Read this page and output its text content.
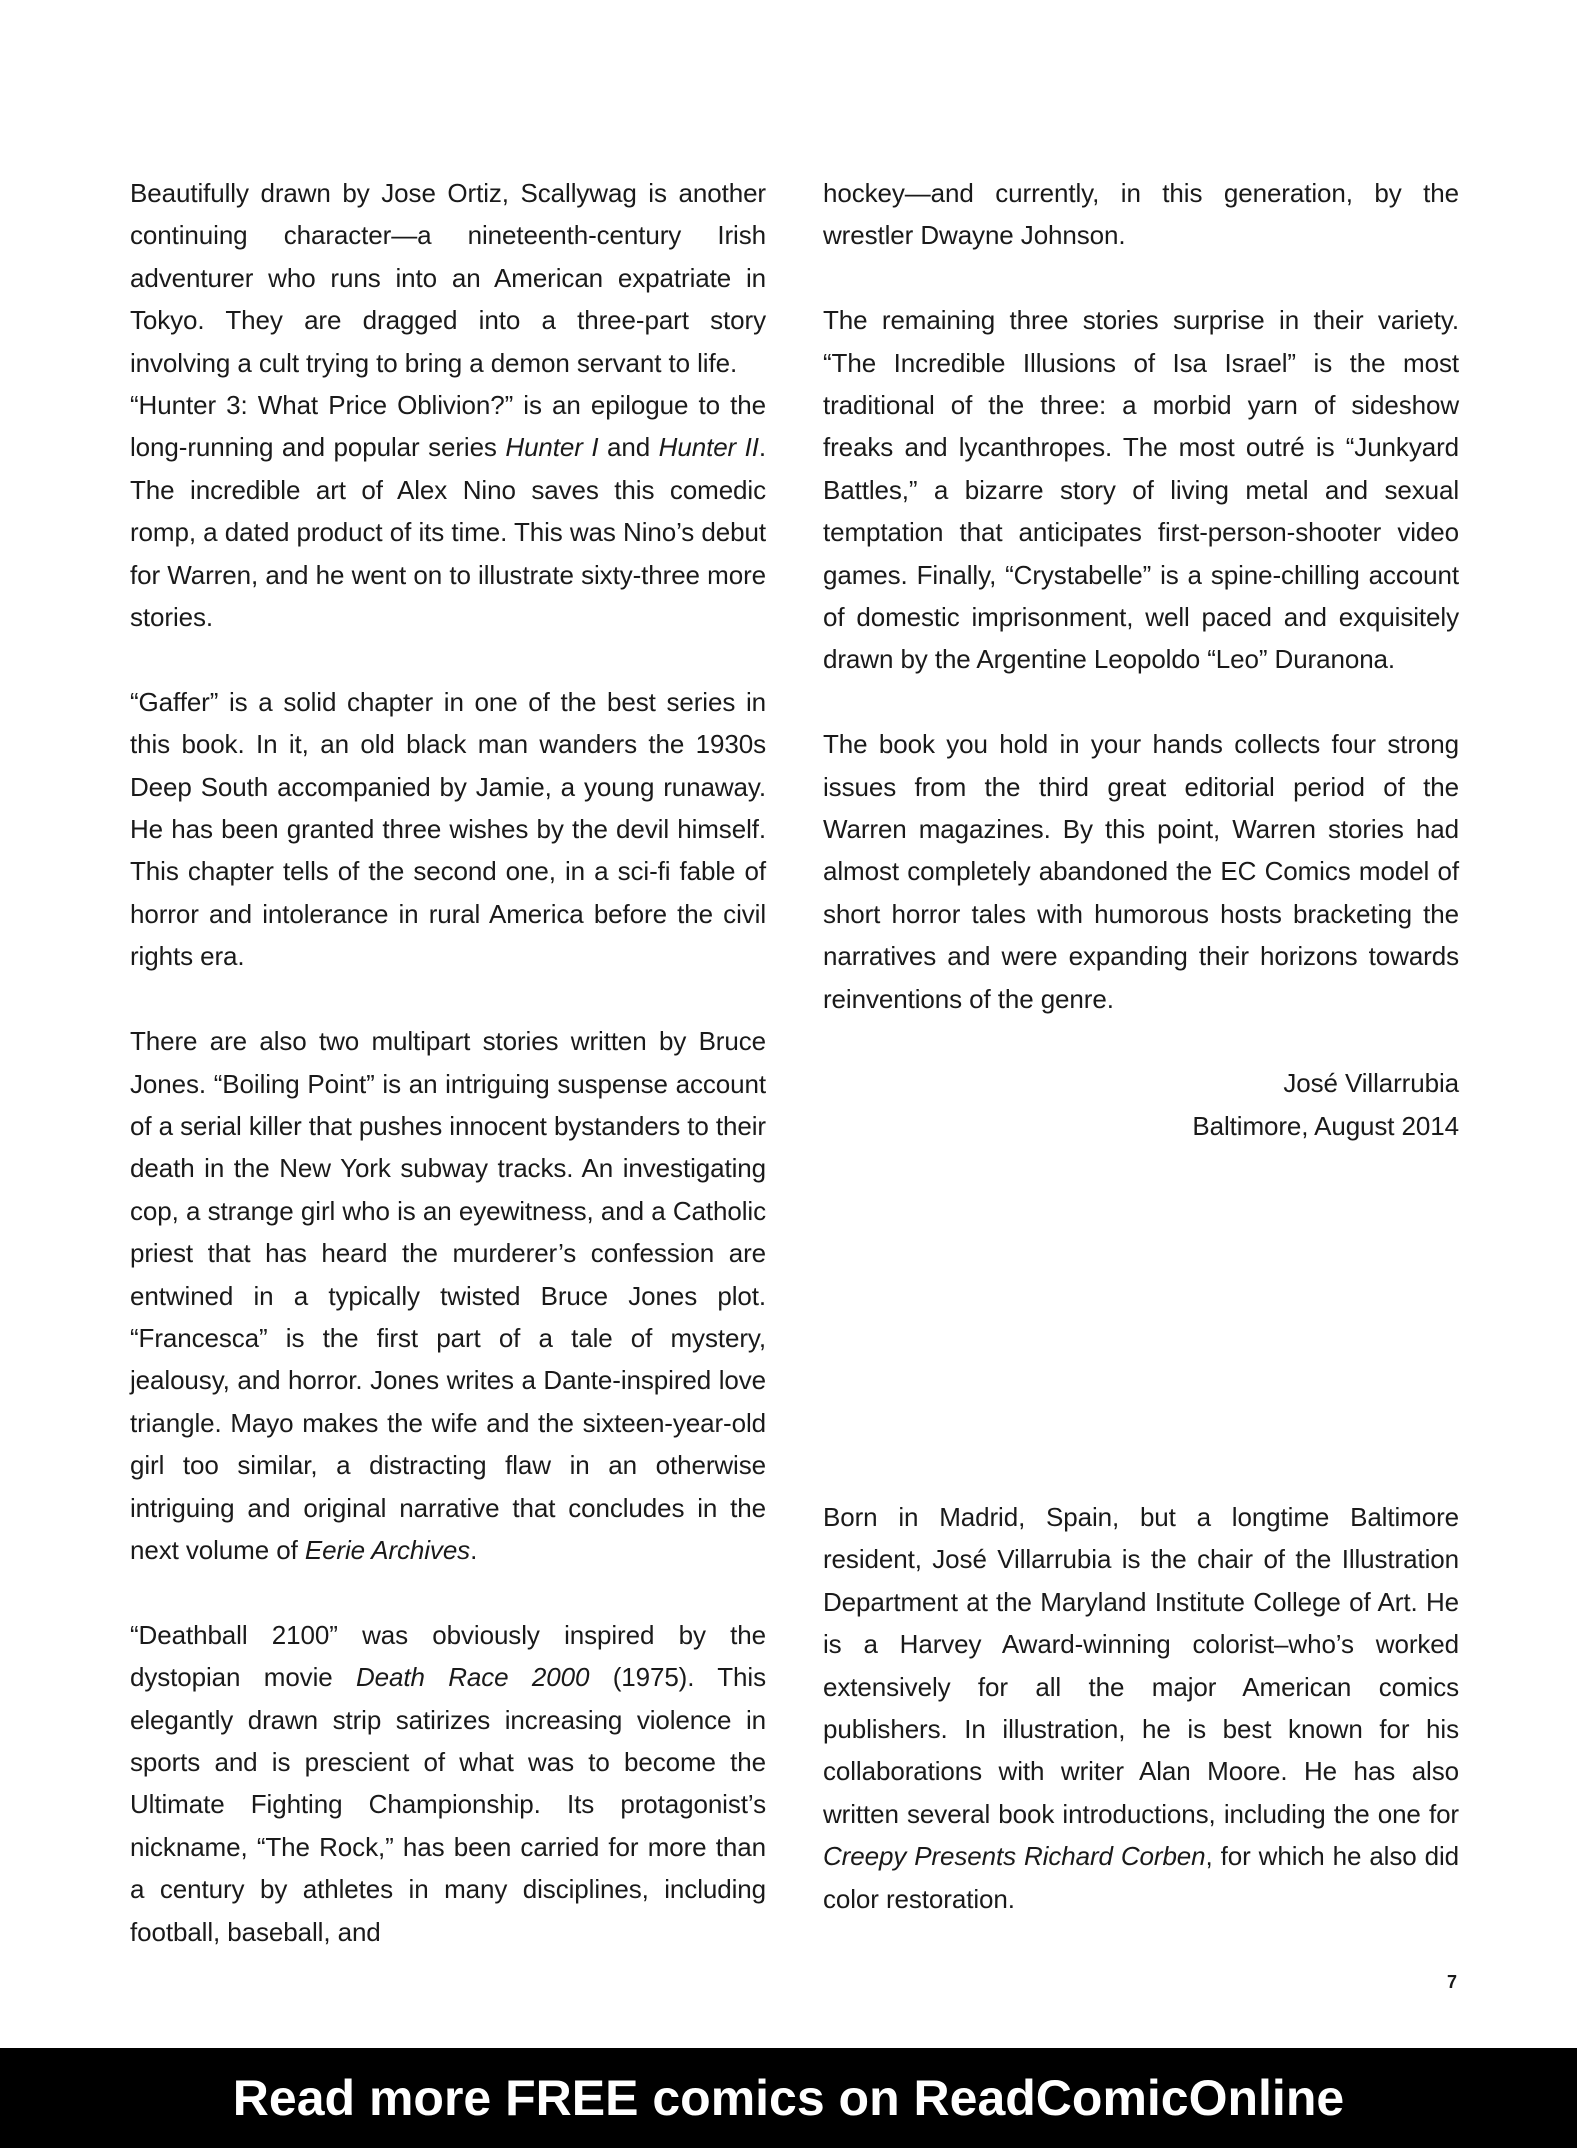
Beautifully drawn by Jose Ortiz, Scallywag is another continuing character—a nineteenth-century Irish adventurer who runs into an American expatriate in Tokyo. They are dragged into a three-part story involving a cult trying to bring a demon servant to life.

“Hunter 3: What Price Oblivion?” is an epilogue to the long-running and popular series Hunter I and Hunter II. The incredible art of Alex Nino saves this comedic romp, a dated product of its time. This was Nino’s debut for Warren, and he went on to illustrate sixty-three more stories.

“Gaffer” is a solid chapter in one of the best series in this book. In it, an old black man wanders the 1930s Deep South accompanied by Jamie, a young runaway. He has been granted three wishes by the devil himself. This chapter tells of the second one, in a sci-fi fable of horror and intolerance in rural America before the civil rights era.

There are also two multipart stories written by Bruce Jones. “Boiling Point” is an intriguing suspense account of a serial killer that pushes innocent bystanders to their death in the New York subway tracks. An investigating cop, a strange girl who is an eyewitness, and a Catholic priest that has heard the murderer’s confession are entwined in a typically twisted Bruce Jones plot. “Francesca” is the first part of a tale of mystery, jealousy, and horror. Jones writes a Dante-inspired love triangle. Mayo makes the wife and the sixteen-year-old girl too similar, a distracting flaw in an otherwise intriguing and original narrative that concludes in the next volume of Eerie Archives.

“Deathball 2100” was obviously inspired by the dystopian movie Death Race 2000 (1975). This elegantly drawn strip satirizes increasing violence in sports and is prescient of what was to become the Ultimate Fighting Championship. Its protagonist’s nickname, “The Rock,” has been carried for more than a century by athletes in many disciplines, including football, baseball, and

hockey—and currently, in this generation, by the wrestler Dwayne Johnson.

The remaining three stories surprise in their variety. “The Incredible Illusions of Isa Israel” is the most traditional of the three: a morbid yarn of sideshow freaks and lycanthropes. The most outré is “Junkyard Battles,” a bizarre story of living metal and sexual temptation that anticipates first-person-shooter video games. Finally, “Crystabelle” is a spine-chilling account of domestic imprisonment, well paced and exquisitely drawn by the Argentine Leopoldo “Leo” Duranona.

The book you hold in your hands collects four strong issues from the third great editorial period of the Warren magazines. By this point, Warren stories had almost completely abandoned the EC Comics model of short horror tales with humorous hosts bracketing the narratives and were expanding their horizons towards reinventions of the genre.

José Villarrubia
Baltimore, August 2014

Born in Madrid, Spain, but a longtime Baltimore resident, José Villarrubia is the chair of the Illustration Department at the Maryland Institute College of Art. He is a Harvey Award-winning colorist–who’s worked extensively for all the major American comics publishers. In illustration, he is best known for his collaborations with writer Alan Moore. He has also written several book introductions, including the one for Creepy Presents Richard Corben, for which he also did color restoration.

7
Read more FREE comics on ReadComicOnline
